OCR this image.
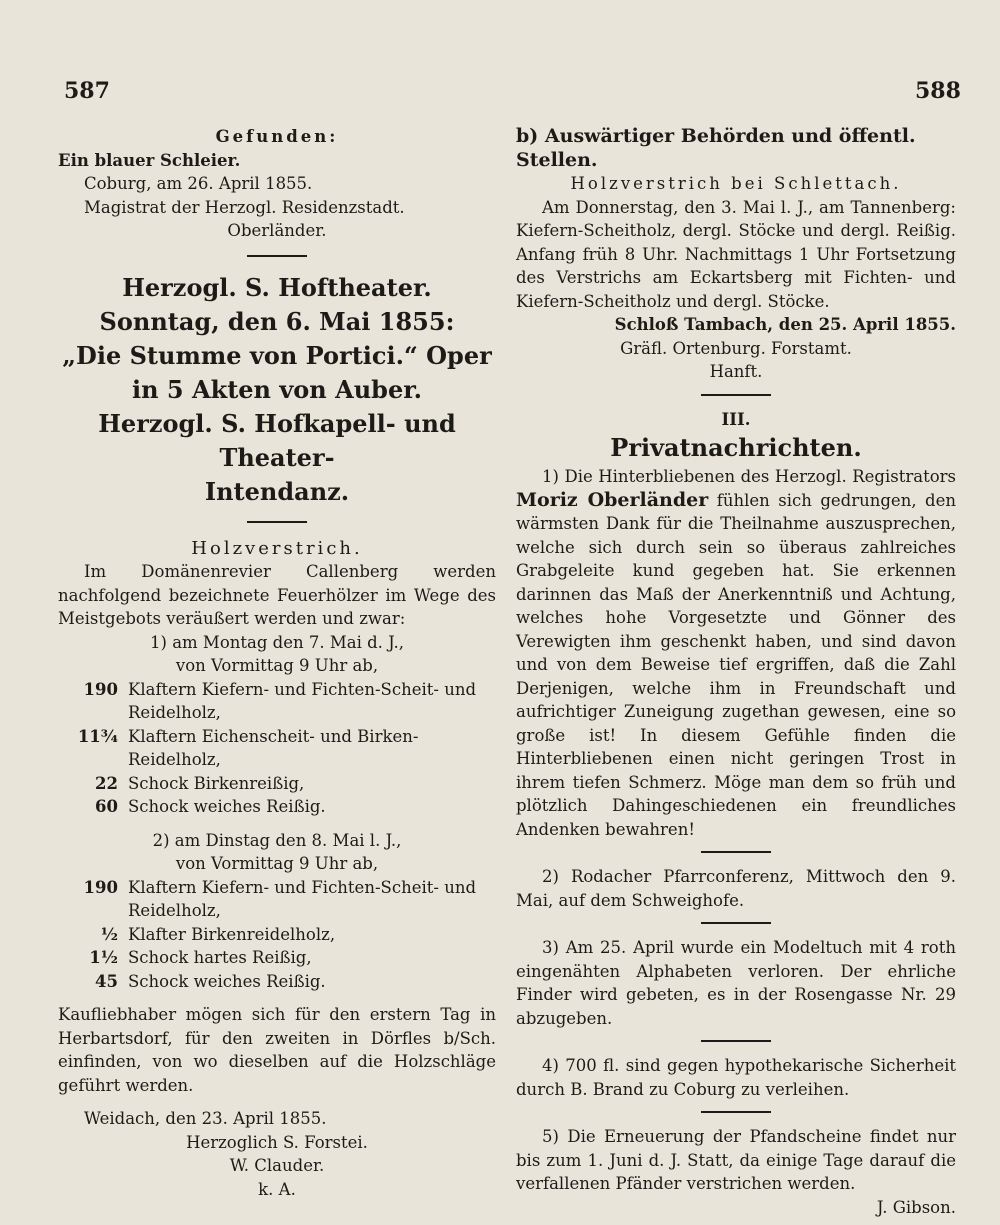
587	588
Gefunden:
Ein blauer Schleier.
Coburg, am 26. April 1855.
Magistrat der Herzogl. Residenzstadt.
Oberländer.
Herzogl. S. Hoftheater.
Sonntag, den 6. Mai 1855:
„Die Stumme von Portici.“ Oper
in 5 Akten von Auber.
Herzogl. S. Hofkapell- und Theater-
Intendanz.
Holzverstrich.
Im Domänenrevier Callenberg werden nachfolgend bezeichnete Feuerhölzer im Wege des Meistgebots veräußert werden und zwar:
1) am Montag den 7. Mai d. J.,
von Vormittag 9 Uhr ab,
190 Klaftern Kiefern- und Fichten-Scheit- und Reidelholz,
11¾ Klaftern Eichenscheit- und Birken-Reidelholz,
22 Schock Birkenreißig,
60 Schock weiches Reißig.
2) am Dinstag den 8. Mai l. J.,
von Vormittag 9 Uhr ab,
190 Klaftern Kiefern- und Fichten-Scheit- und Reidelholz,
½ Klafter Birkenreidelholz,
1½ Schock hartes Reißig,
45 Schock weiches Reißig.
Kaufliebhaber mögen sich für den erstern Tag in Herbartsdorf, für den zweiten in Dörfles b/Sch. einfinden, von wo dieselben auf die Holzschläge geführt werden.
Weidach, den 23. April 1855.
Herzoglich S. Forstei.
W. Clauder.
k. A.
b) Auswärtiger Behörden und öffentl. Stellen.
Holzverstrich bei Schlettach.
Am Donnerstag, den 3. Mai l. J., am Tannenberg: Kiefern-Scheitholz, dergl. Stöcke und dergl. Reißig. Anfang früh 8 Uhr. Nachmittags 1 Uhr Fortsetzung des Verstrichs am Eckartsberg mit Fichten- und Kiefern-Scheitholz und dergl. Stöcke.
Schloß Tambach, den 25. April 1855.
Gräfl. Ortenburg. Forstamt.
Hanft.
III.
Privatnachrichten.
1) Die Hinterbliebenen des Herzogl. Registrators Moriz Oberländer fühlen sich gedrungen, den wärmsten Dank für die Theilnahme auszusprechen, welche sich durch sein so überaus zahlreiches Grabgeleite kund gegeben hat. Sie erkennen darinnen das Maß der Anerkenntniß und Achtung, welches hohe Vorgesetzte und Gönner des Verewigten ihm geschenkt haben, und sind davon und von dem Beweise tief ergriffen, daß die Zahl Derjenigen, welche ihm in Freundschaft und aufrichtiger Zuneigung zugethan gewesen, eine so große ist! In diesem Gefühle finden die Hinterbliebenen einen nicht geringen Trost in ihrem tiefen Schmerz. Möge man dem so früh und plötzlich Dahingeschiedenen ein freundliches Andenken bewahren!
2) Rodacher Pfarrconferenz, Mittwoch den 9. Mai, auf dem Schweighofe.
3) Am 25. April wurde ein Modeltuch mit 4 roth eingenähten Alphabeten verloren. Der ehrliche Finder wird gebeten, es in der Rosengasse Nr. 29 abzugeben.
4) 700 fl. sind gegen hypothekarische Sicherheit durch B. Brand zu Coburg zu verleihen.
5) Die Erneuerung der Pfandscheine findet nur bis zum 1. Juni d. J. Statt, da einige Tage darauf die verfallenen Pfänder verstrichen werden.
J. Gibson.
